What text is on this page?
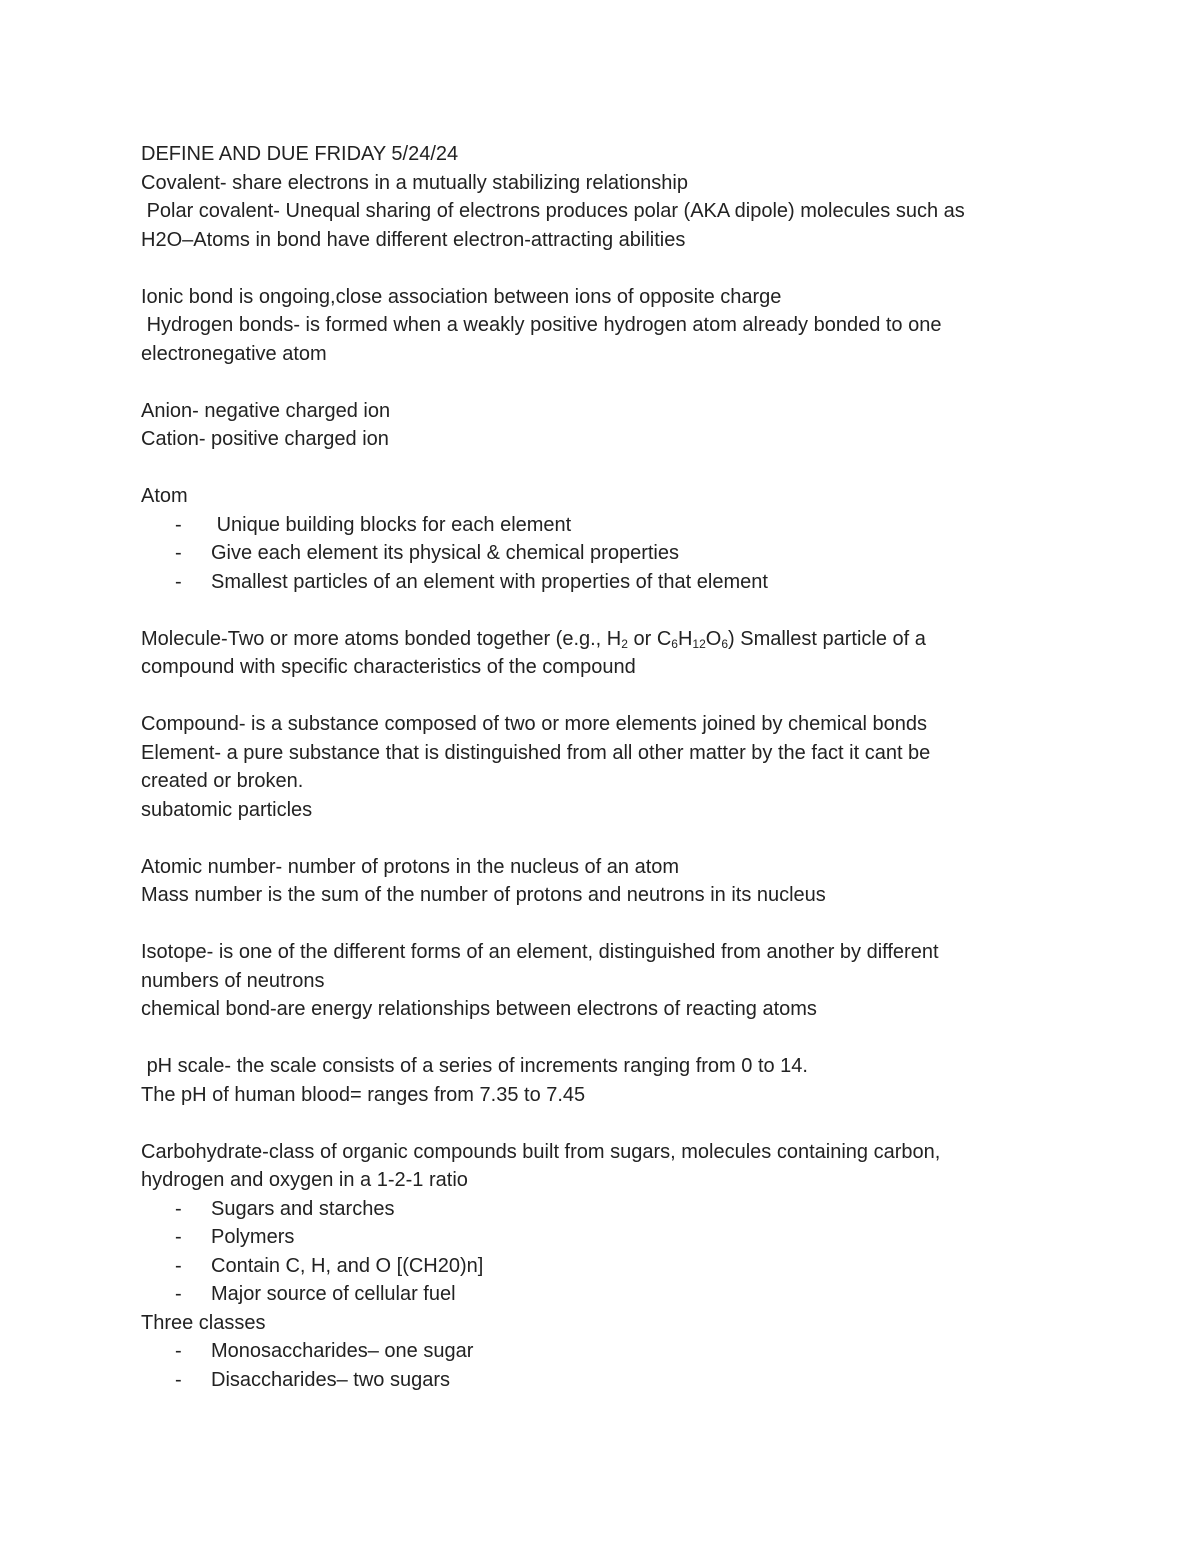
DEFINE AND DUE FRIDAY 5/24/24

Covalent- share electrons in a mutually stabilizing relationship

Polar covalent- Unequal sharing of electrons produces polar (AKA dipole) molecules such as

H2O–Atoms in bond have different electron-attracting abilities

Ionic bond is ongoing,close association between ions of opposite charge

Hydrogen bonds- is formed when a weakly positive hydrogen atom already bonded to one

electronegative atom

Anion- negative charged ion

Cation- positive charged ion

Atom

- Unique building blocks for each element
- Give each element its physical & chemical properties
- Smallest particles of an element with properties of that element

Molecule-Two or more atoms bonded together (e.g., $H_2$ or $C_6H_{12}O_6$) Smallest particle of a

compound with specific characteristics of the compound

Compound- is a substance composed of two or more elements joined by chemical bonds

Element- a pure substance that is distinguished from all other matter by the fact it cant be

created or broken.

subatomic particles

Atomic number- number of protons in the nucleus of an atom

Mass number is the sum of the number of protons and neutrons in its nucleus

Isotope- is one of the different forms of an element, distinguished from another by different

numbers of neutrons

chemical bond-are energy relationships between electrons of reacting atoms

pH scale- the scale consists of a series of increments ranging from 0 to 14.

The pH of human blood= ranges from 7.35 to 7.45

Carbohydrate-class of organic compounds built from sugars, molecules containing carbon,

hydrogen and oxygen in a 1-2-1 ratio

- Sugars and starches
- Polymers
- Contain C, H, and O [(CH20)n]
- Major source of cellular fuel

Three classes

- Monosaccharides– one sugar
- Disaccharides– two sugars
